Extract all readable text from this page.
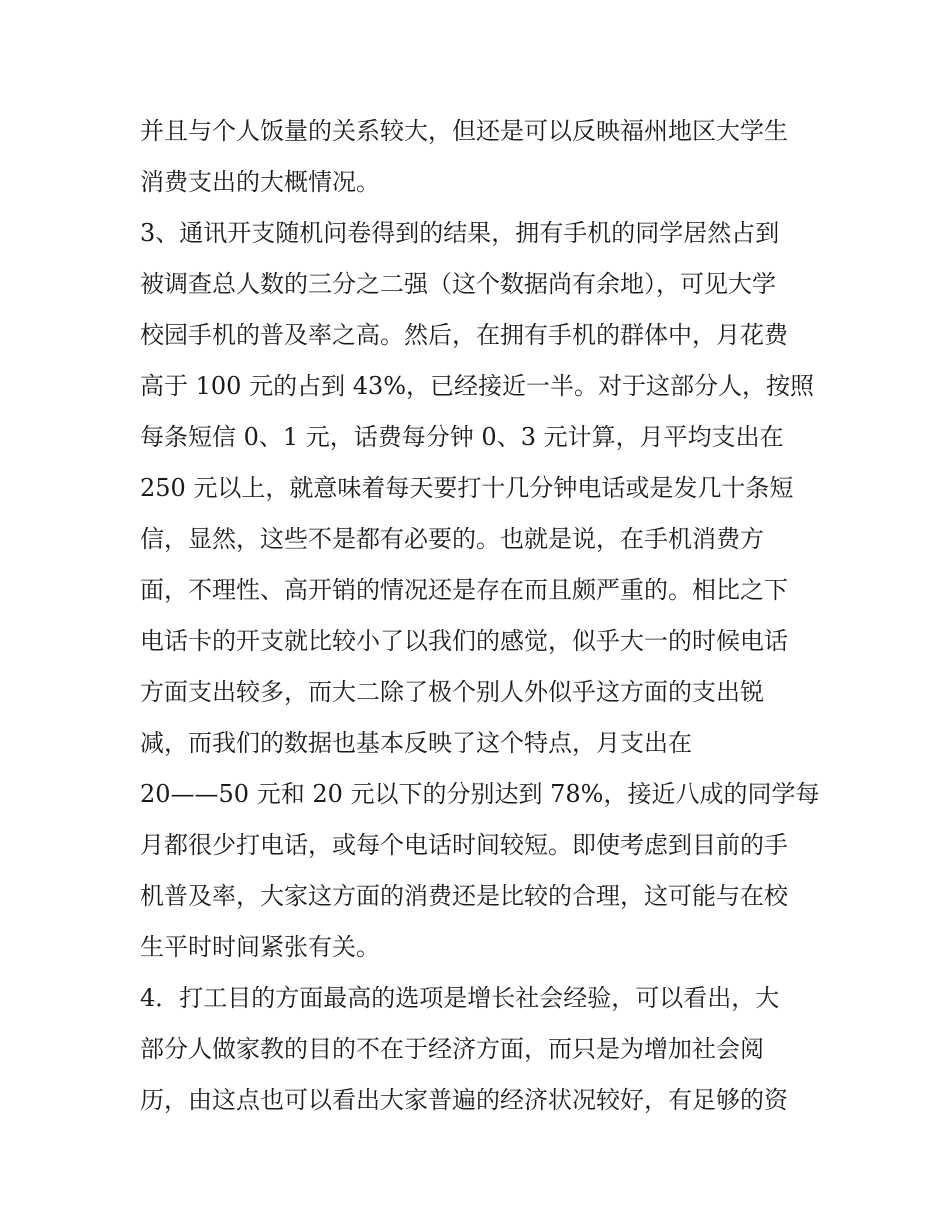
并且与个人饭量的关系较大，但还是可以反映福州地区大学生
消费支出的大概情况。
3、通讯开支随机问卷得到的结果，拥有手机的同学居然占到
被调查总人数的三分之二强（这个数据尚有余地），可见大学
校园手机的普及率之高。然后，在拥有手机的群体中，月花费
高于 100 元的占到 43%，已经接近一半。对于这部分人，按照
每条短信 0、1 元，话费每分钟 0、3 元计算，月平均支出在
250 元以上，就意味着每天要打十几分钟电话或是发几十条短
信，显然，这些不是都有必要的。也就是说，在手机消费方
面，不理性、高开销的情况还是存在而且颇严重的。相比之下
电话卡的开支就比较小了以我们的感觉，似乎大一的时候电话
方面支出较多，而大二除了极个别人外似乎这方面的支出锐
减，而我们的数据也基本反映了这个特点，月支出在
20——50 元和 20 元以下的分别达到 78%，接近八成的同学每
月都很少打电话，或每个电话时间较短。即使考虑到目前的手
机普及率，大家这方面的消费还是比较的合理，这可能与在校
生平时时间紧张有关。
4．打工目的方面最高的选项是增长社会经验，可以看出，大
部分人做家教的目的不在于经济方面，而只是为增加社会阅
历，由这点也可以看出大家普遍的经济状况较好，有足够的资
